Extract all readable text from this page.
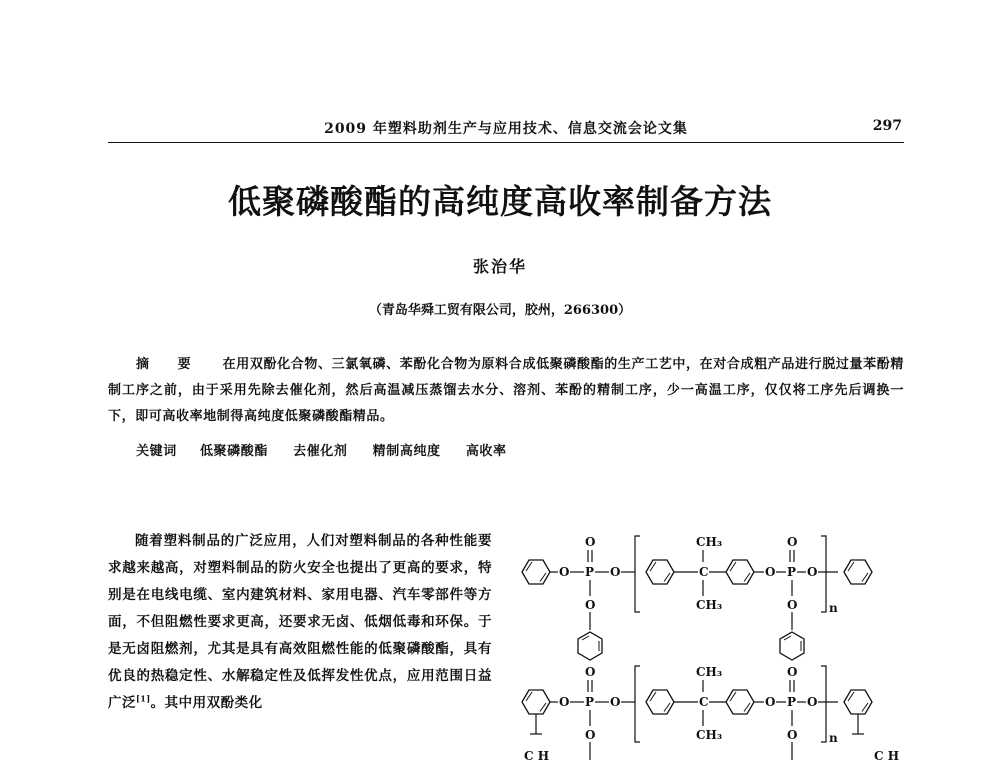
2009 年塑料助剂生产与应用技术、信息交流会论文集	297
低聚磷酸酯的高纯度高收率制备方法
张治华
（青岛华舜工贸有限公司，胶州，266300）
摘 要 在用双酚化合物、三氯氧磷、苯酚化合物为原料合成低聚磷酸酯的生产工艺中，在对合成粗产品进行脱过量苯酚精制工序之前，由于采用先除去催化剂，然后高温减压蒸馏去水分、溶剂、苯酚的精制工序，少一高温工序，仅仅将工序先后调换一下，即可高收率地制得高纯度低聚磷酸酯精品。
关键词 低聚磷酸酯 去催化剂 精制高纯度 高收率
随着塑料制品的广泛应用，人们对塑料制品的各种性能要求越来越高，对塑料制品的防火安全也提出了更高的要求，特别是在电线电缆、室内建筑材料、家用电器、汽车零部件等方面，不但阻燃性要求更高，还要求无卤、低烟低毒和环保。于是无卤阻燃剂，尤其是具有高效阻燃性能的低聚磷酸酯，具有优良的热稳定性、水解稳定性及低挥发性优点，应用范围日益广泛[1]。其中用双酚类化
O P O
O
O
C
CH₃
CH₃
O P O
O
O	n
C H
O P O
O
O
C
CH₃
CH₃
O P O
O
O	n
C H
